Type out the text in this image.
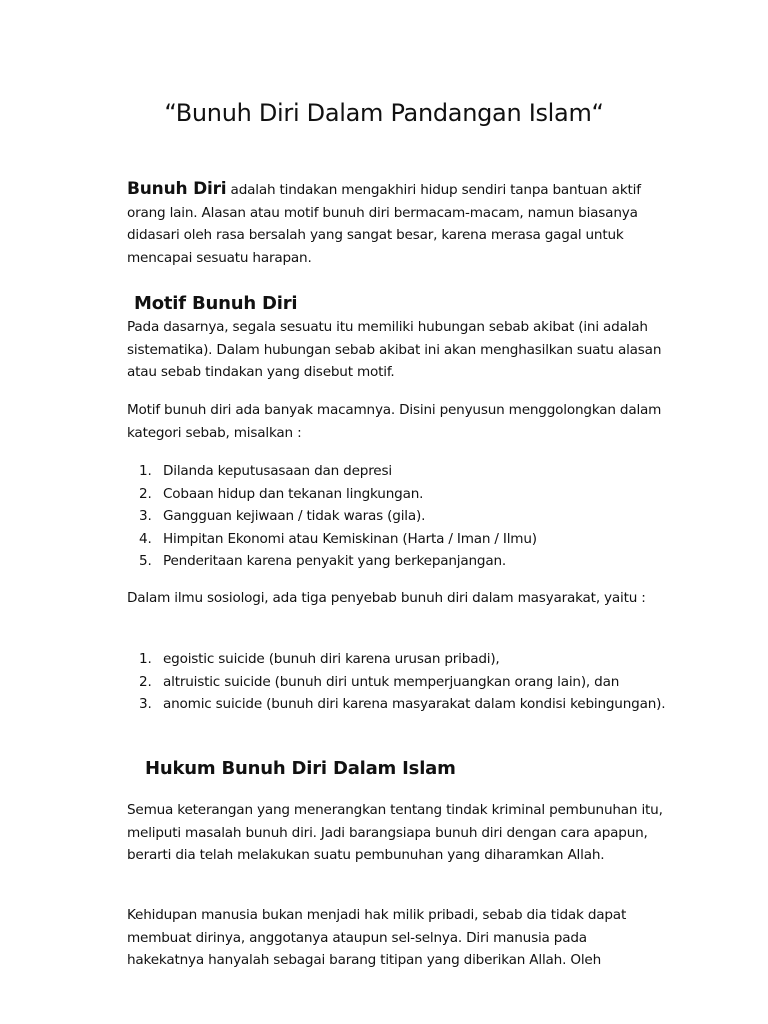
“Bunuh Diri Dalam Pandangan Islam“
Bunuh Diri adalah tindakan mengakhiri hidup sendiri tanpa bantuan aktif orang lain. Alasan atau motif bunuh diri bermacam-macam, namun biasanya didasari oleh rasa bersalah yang sangat besar, karena merasa gagal untuk mencapai sesuatu harapan.
Motif Bunuh Diri
Pada dasarnya, segala sesuatu itu memiliki hubungan sebab akibat (ini adalah sistematika). Dalam hubungan sebab akibat ini akan menghasilkan suatu alasan atau sebab tindakan yang disebut motif.
Motif bunuh diri ada banyak macamnya. Disini penyusun menggolongkan dalam kategori sebab, misalkan :
1. Dilanda keputusasaan dan depresi
2. Cobaan hidup dan tekanan lingkungan.
3. Gangguan kejiwaan / tidak waras (gila).
4. Himpitan Ekonomi atau Kemiskinan (Harta / Iman / Ilmu)
5. Penderitaan karena penyakit yang berkepanjangan.
Dalam ilmu sosiologi, ada tiga penyebab bunuh diri dalam masyarakat, yaitu :
1. egoistic suicide (bunuh diri karena urusan pribadi),
2. altruistic suicide (bunuh diri untuk memperjuangkan orang lain), dan
3. anomic suicide (bunuh diri karena masyarakat dalam kondisi kebingungan).
Hukum Bunuh Diri Dalam Islam
Semua keterangan yang menerangkan tentang tindak kriminal pembunuhan itu, meliputi masalah bunuh diri. Jadi barangsiapa bunuh diri dengan cara apapun, berarti dia telah melakukan suatu pembunuhan yang diharamkan Allah.
Kehidupan manusia bukan menjadi hak milik pribadi, sebab dia tidak dapat membuat dirinya, anggotanya ataupun sel-selnya. Diri manusia pada hakekatnya hanyalah sebagai barang titipan yang diberikan Allah. Oleh
